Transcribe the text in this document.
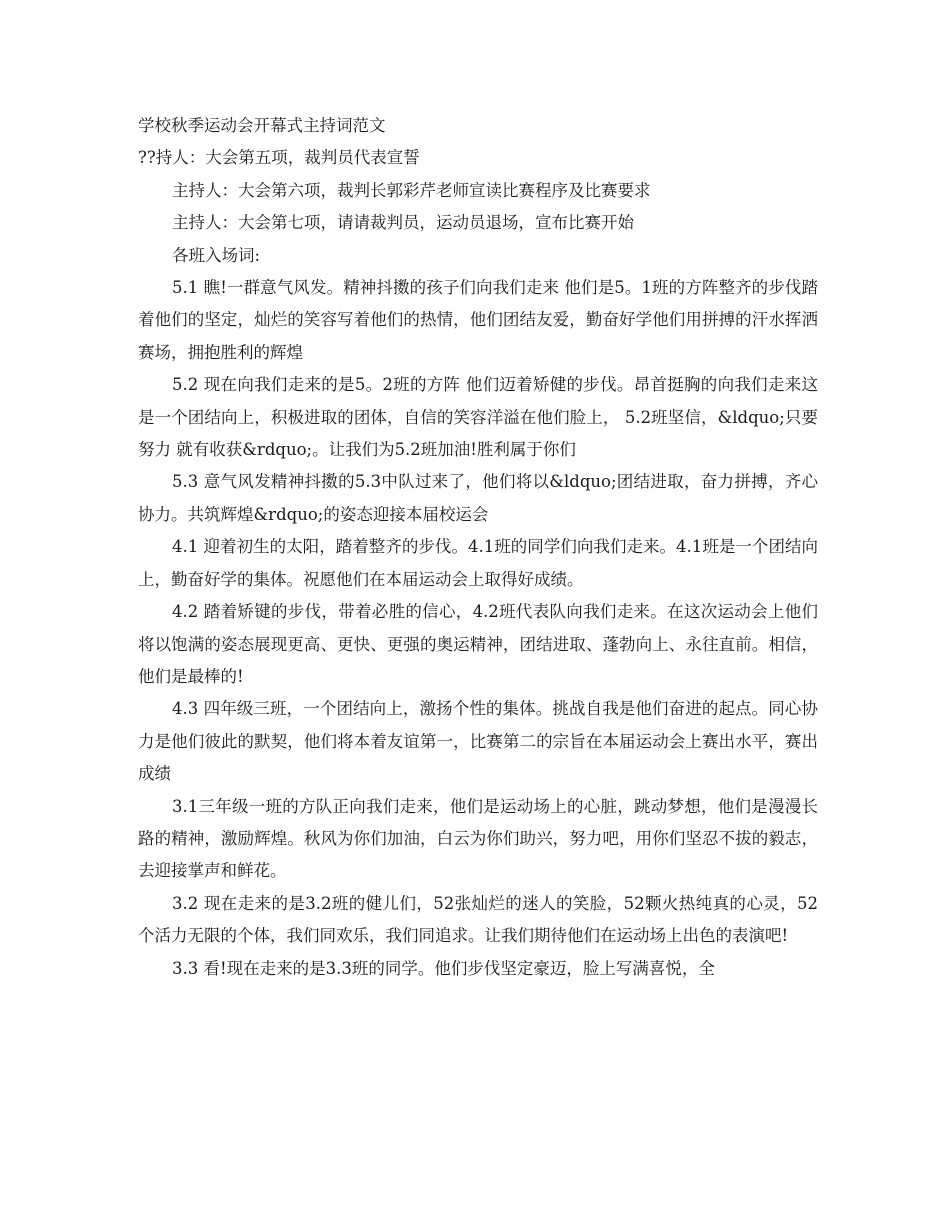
学校秋季运动会开幕式主持词范文

??持人：大会第五项，裁判员代表宣誓

主持人：大会第六项，裁判长郭彩芹老师宣读比赛程序及比赛要求

主持人：大会第七项，请请裁判员，运动员退场，宣布比赛开始

各班入场词:

5.1 瞧!一群意气风发。精神抖擞的孩子们向我们走来 他们是5。1班的方阵整齐的步伐踏着他们的坚定，灿烂的笑容写着他们的热情，他们团结友爱，勤奋好学他们用拼搏的汗水挥洒赛场，拥抱胜利的辉煌

5.2 现在向我们走来的是5。2班的方阵 他们迈着矫健的步伐。昂首挺胸的向我们走来这是一个团结向上，积极进取的团体，自信的笑容洋溢在他们脸上， 5.2班坚信，&ldquo;只要努力 就有收获&rdquo;。让我们为5.2班加油!胜利属于你们

5.3 意气风发精神抖擞的5.3中队过来了，他们将以&ldquo;团结进取，奋力拼搏，齐心协力。共筑辉煌&rdquo;的姿态迎接本届校运会

4.1 迎着初生的太阳，踏着整齐的步伐。4.1班的同学们向我们走来。4.1班是一个团结向上，勤奋好学的集体。祝愿他们在本届运动会上取得好成绩。

4.2 踏着矫键的步伐，带着必胜的信心，4.2班代表队向我们走来。在这次运动会上他们将以饱满的姿态展现更高、更快、更强的奥运精神，团结进取、蓬勃向上、永往直前。相信，他们是最棒的!

4.3 四年级三班，一个团结向上，激扬个性的集体。挑战自我是他们奋进的起点。同心协力是他们彼此的默契，他们将本着友谊第一，比赛第二的宗旨在本届运动会上赛出水平，赛出成绩

3.1三年级一班的方队正向我们走来，他们是运动场上的心脏，跳动梦想，他们是漫漫长路的精神，激励辉煌。秋风为你们加油，白云为你们助兴，努力吧，用你们坚忍不拔的毅志，去迎接掌声和鲜花。

3.2 现在走来的是3.2班的健儿们，52张灿烂的迷人的笑脸，52颗火热纯真的心灵，52个活力无限的个体，我们同欢乐，我们同追求。让我们期待他们在运动场上出色的表演吧!

3.3 看!现在走来的是3.3班的同学。他们步伐坚定豪迈，脸上写满喜悦，全
